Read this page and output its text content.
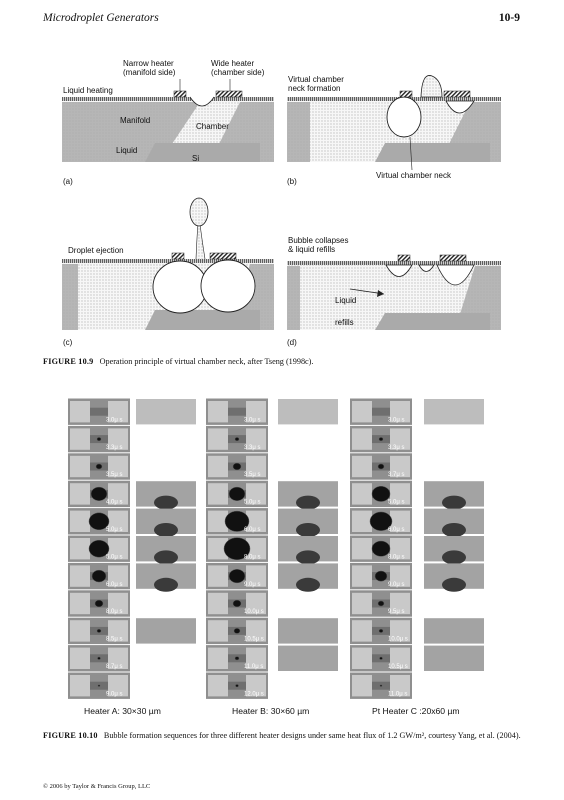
Microdroplet Generators	10-9
Narrow heater
(manifold side)
Wide heater
(chamber side)
Liquid heating
Manifold
Chamber
Liquid
Si
(a)
Virtual chamber
neck formation
Virtual chamber neck
(b)
Droplet ejection
(c)
Bubble collapses
& liquid refills
Liquid
refills
(d)
FIGURE 10.9 Operation principle of virtual chamber neck, after Tseng (1998c).
3.0μ s
3.3μ s
3.5μ s
4.0μ s
5.0μ s
5.0μ s
6.0μ s
8.0μ s
8.5μ s
8.7μ s
9.0μ s
3.0μ s
3.3μ s
3.5μ s
5.0μ s
6.0μ s
8.0μ s
9.0μ s
10.0μ s
10.5μ s
11.0μ s
12.0μ s
3.0μ s
3.3μ s
3.7μ s
5.0μ s
6.0μ s
8.0μ s
9.0μ s
9.5μ s
10.0μ s
10.5μ s
11.0μ s
Heater A: 30×30 µm	Heater B: 30×60 µm	Pt Heater C :20x60 µm
FIGURE 10.10 Bubble formation sequences for three different heater designs under same heat flux of 1.2 GW/m², courtesy Yang, et al. (2004).
© 2006 by Taylor & Francis Group, LLC
